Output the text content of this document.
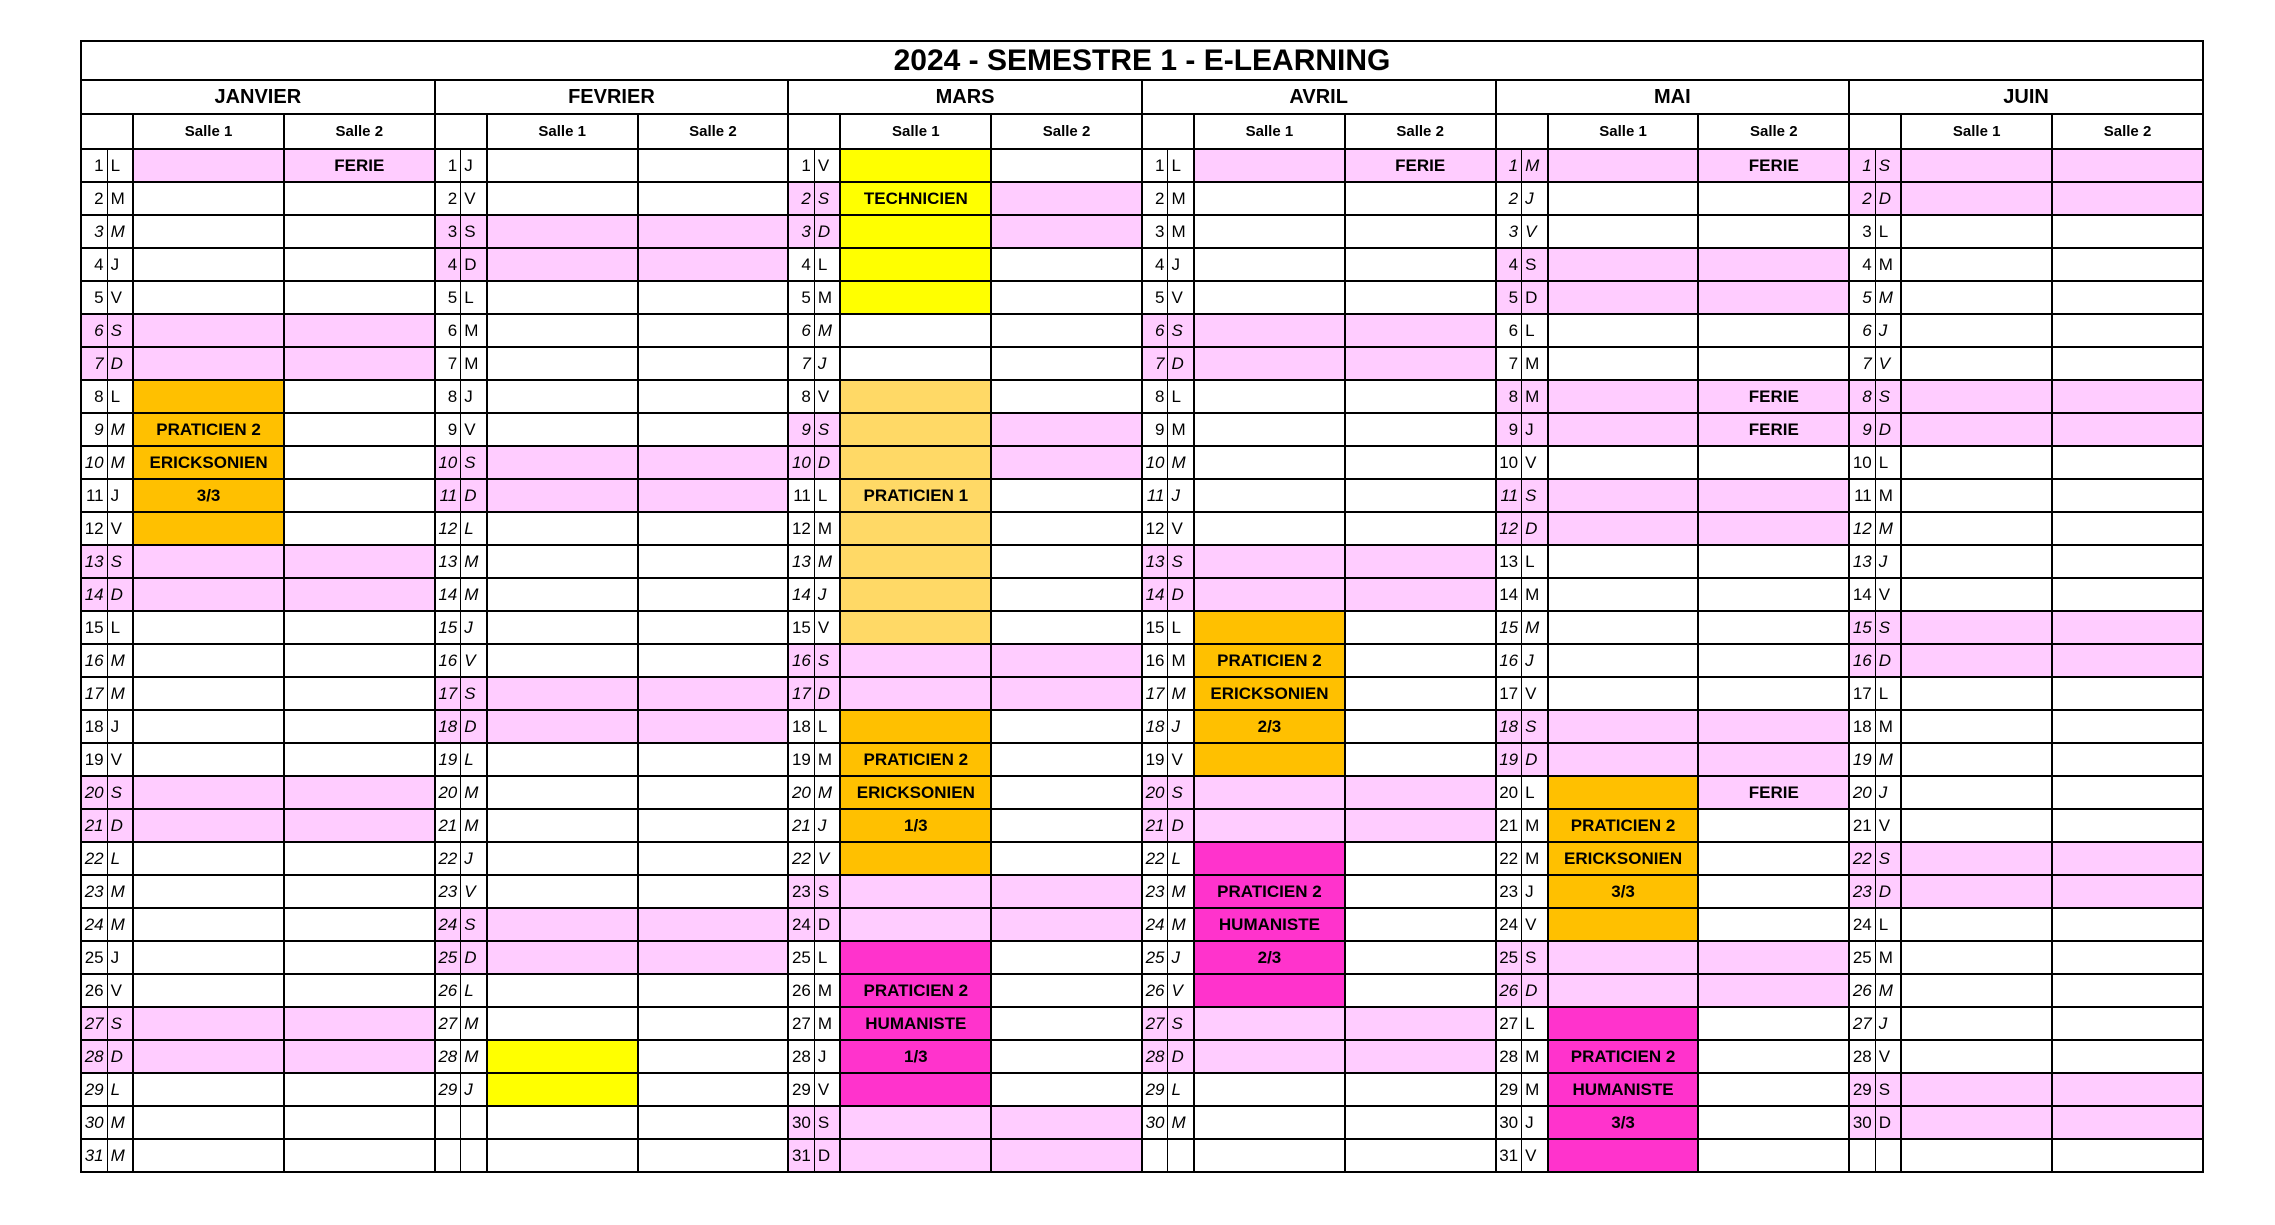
2024 - SEMESTRE 1 - E-LEARNING																							
JANVIER				FEVRIER				MARS				AVRIL				MAI				JUIN			
		Salle 1	Salle 2			Salle 1	Salle 2			Salle 1	Salle 2			Salle 1	Salle 2			Salle 1	Salle 2			Salle 1	Salle 2
1	L		FERIE	1	J			1	V			1	L		FERIE	1	M		FERIE	1	S		
2	M			2	V			2	S	TECHNICIEN		2	M			2	J			2	D		
3	M			3	S			3	D			3	M			3	V			3	L		
4	J			4	D			4	L			4	J			4	S			4	M		
5	V			5	L			5	M			5	V			5	D			5	M		
6	S			6	M			6	M			6	S			6	L			6	J		
7	D			7	M			7	J			7	D			7	M			7	V		
8	L			8	J			8	V			8	L			8	M		FERIE	8	S		
9	M	PRATICIEN 2		9	V			9	S			9	M			9	J		FERIE	9	D		
10	M	ERICKSONIEN		10	S			10	D			10	M			10	V			10	L		
11	J	3/3		11	D			11	L	PRATICIEN 1		11	J			11	S			11	M		
12	V			12	L			12	M			12	V			12	D			12	M		
13	S			13	M			13	M			13	S			13	L			13	J		
14	D			14	M			14	J			14	D			14	M			14	V		
15	L			15	J			15	V			15	L			15	M			15	S		
16	M			16	V			16	S			16	M	PRATICIEN 2		16	J			16	D		
17	M			17	S			17	D			17	M	ERICKSONIEN		17	V			17	L		
18	J			18	D			18	L			18	J	2/3		18	S			18	M		
19	V			19	L			19	M	PRATICIEN 2		19	V			19	D			19	M		
20	S			20	M			20	M	ERICKSONIEN		20	S			20	L		FERIE	20	J		
21	D			21	M			21	J	1/3		21	D			21	M	PRATICIEN 2		21	V		
22	L			22	J			22	V			22	L			22	M	ERICKSONIEN		22	S		
23	M			23	V			23	S			23	M	PRATICIEN 2		23	J	3/3		23	D		
24	M			24	S			24	D			24	M	HUMANISTE		24	V			24	L		
25	J			25	D			25	L			25	J	2/3		25	S			25	M		
26	V			26	L			26	M	PRATICIEN 2		26	V			26	D			26	M		
27	S			27	M			27	M	HUMANISTE		27	S			27	L			27	J		
28	D			28	M			28	J	1/3		28	D			28	M	PRATICIEN 2		28	V		
29	L			29	J			29	V			29	L			29	M	HUMANISTE		29	S		
30	M							30	S			30	M			30	J	3/3		30	D		
31	M							31	D							31	V						
